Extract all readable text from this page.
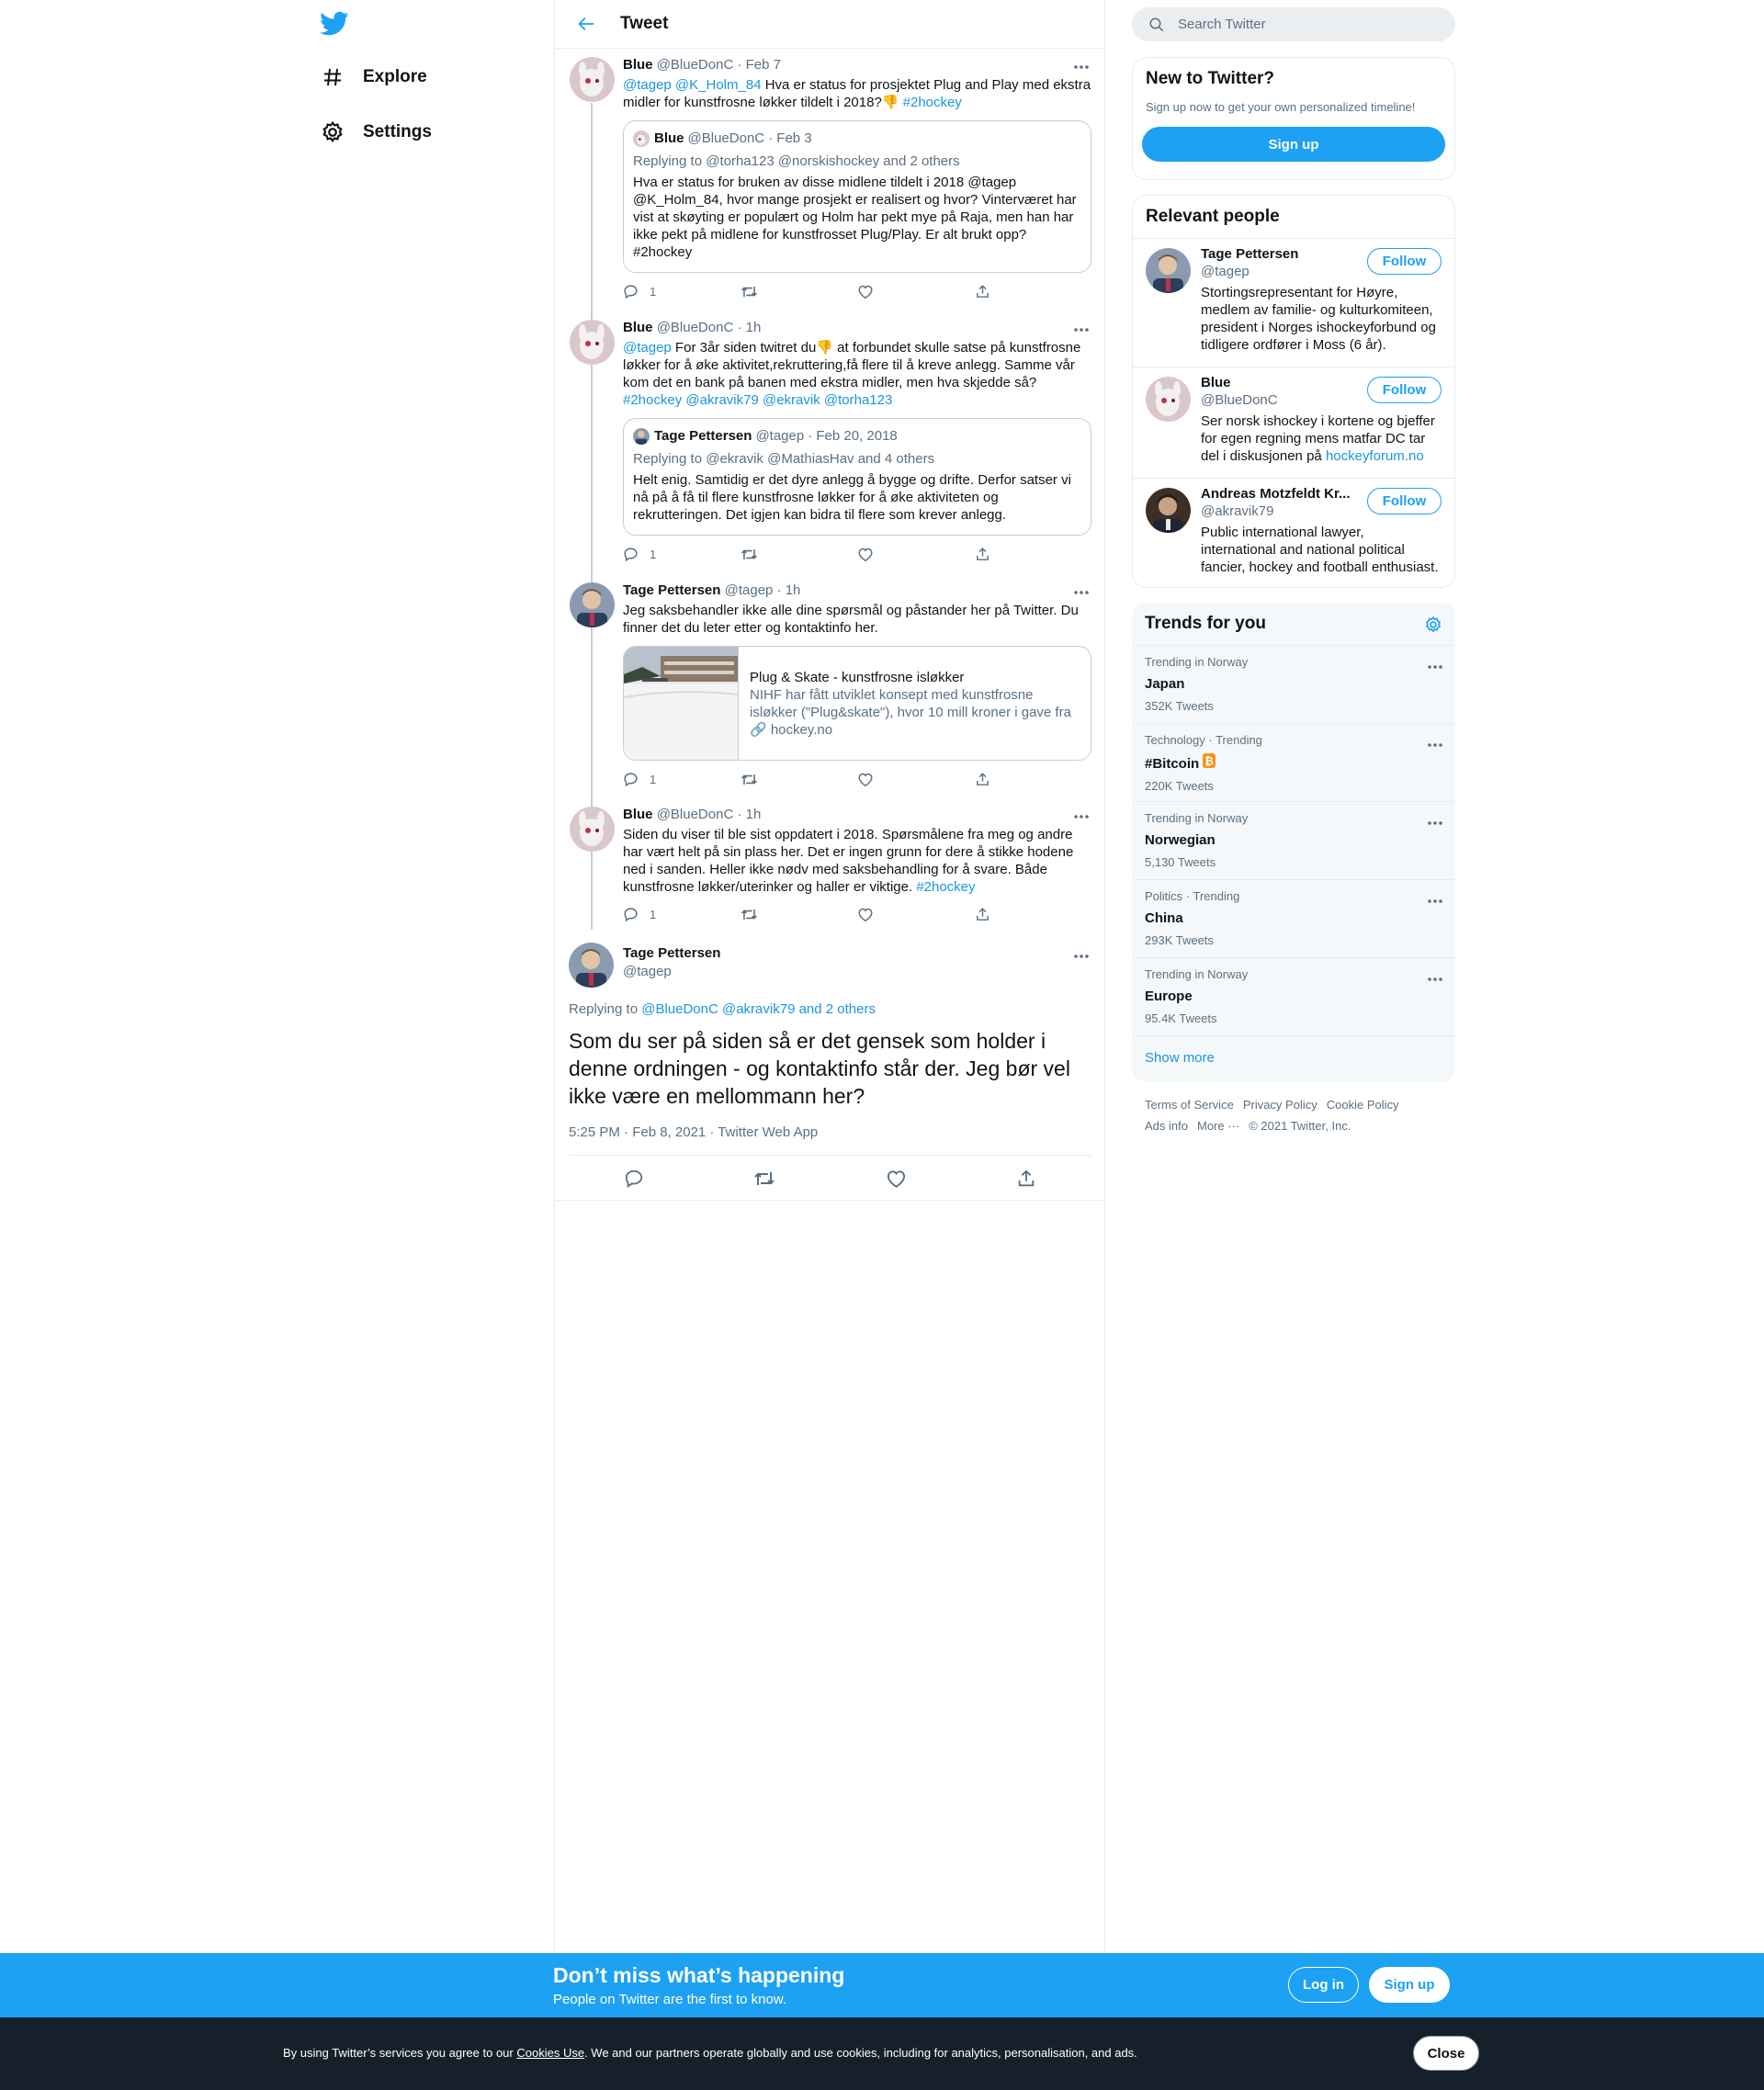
Explore
Settings
Tweet
Blue @BlueDonC · Feb 7
@tagep @K_Holm_84 Hva er status for prosjektet Plug and Play med ekstra midler for kunstfrosne løkker tildelt i 2018?👎 #2hockey
Blue @BlueDonC · Feb 3
Replying to @torha123 @norskishockey and 2 others
Hva er status for bruken av disse midlene tildelt i 2018 @tagep @K_Holm_84, hvor mange prosjekt er realisert og hvor? Vinterværet har vist at skøyting er populært og Holm har pekt mye på Raja, men han har ikke pekt på midlene for kunstfrosset Plug/Play. Er alt brukt opp? #2hockey
1
Blue @BlueDonC · 1h
@tagep For 3år siden twitret du👎 at forbundet skulle satse på kunstfrosne løkker for å øke aktivitet,rekruttering,få flere til å kreve anlegg. Samme vår kom det en bank på banen med ekstra midler, men hva skjedde så? #2hockey @akravik79 @ekravik @torha123
Tage Pettersen @tagep · Feb 20, 2018
Replying to @ekravik @MathiasHav and 4 others
Helt enig. Samtidig er det dyre anlegg å bygge og drifte. Derfor satser vi nå på å få til flere kunstfrosne løkker for å øke aktiviteten og rekrutteringen. Det igjen kan bidra til flere som krever anlegg.
1
Tage Pettersen @tagep · 1h
Jeg saksbehandler ikke alle dine spørsmål og påstander her på Twitter. Du finner det du leter etter og kontaktinfo her.
Plug & Skate - kunstfrosne isløkker
NIHF har fått utviklet konsept med kunstfrosne isløkker ("Plug&skate"), hvor 10 mill kroner i gave fra
🔗 hockey.no
1
Blue @BlueDonC · 1h
Siden du viser til ble sist oppdatert i 2018. Spørsmålene fra meg og andre har vært helt på sin plass her. Det er ingen grunn for dere å stikke hodene ned i sanden. Heller ikke nødv med saksbehandling for å svare. Både kunstfrosne løkker/uterinker og haller er viktige. #2hockey
1
Tage Pettersen
@tagep
Replying to @BlueDonC @akravik79 and 2 others
Som du ser på siden så er det gensek som holder i denne ordningen - og kontaktinfo står der. Jeg bør vel ikke være en mellommann her?
5:25 PM · Feb 8, 2021 · Twitter Web App
Search Twitter
New to Twitter?
Sign up now to get your own personalized timeline!
Sign up
Relevant people
Tage Pettersen
@tagep
Follow
Stortingsrepresentant for Høyre, medlem av familie- og kulturkomiteen, president i Norges ishockeyforbund og tidligere ordfører i Moss (6 år).
Blue
@BlueDonC
Follow
Ser norsk ishockey i kortene og bjeffer for egen regning mens matfar DC tar del i diskusjonen på hockeyforum.no
Andreas Motzfeldt Kr...
@akravik79
Follow
Public international lawyer, international and national political fancier, hockey and football enthusiast.
Trends for you
Trending in Norway
Japan
352K Tweets
Technology · Trending
#Bitcoin ₿
220K Tweets
Trending in Norway
Norwegian
5,130 Tweets
Politics · Trending
China
293K Tweets
Trending in Norway
Europe
95.4K Tweets
Show more
Terms of Service Privacy Policy Cookie Policy
Ads info More ··· © 2021 Twitter, Inc.
Don’t miss what’s happening
People on Twitter are the first to know.
Log in	Sign up
By using Twitter’s services you agree to our Cookies Use. We and our partners operate globally and use cookies, including for analytics, personalisation, and ads.	Close
